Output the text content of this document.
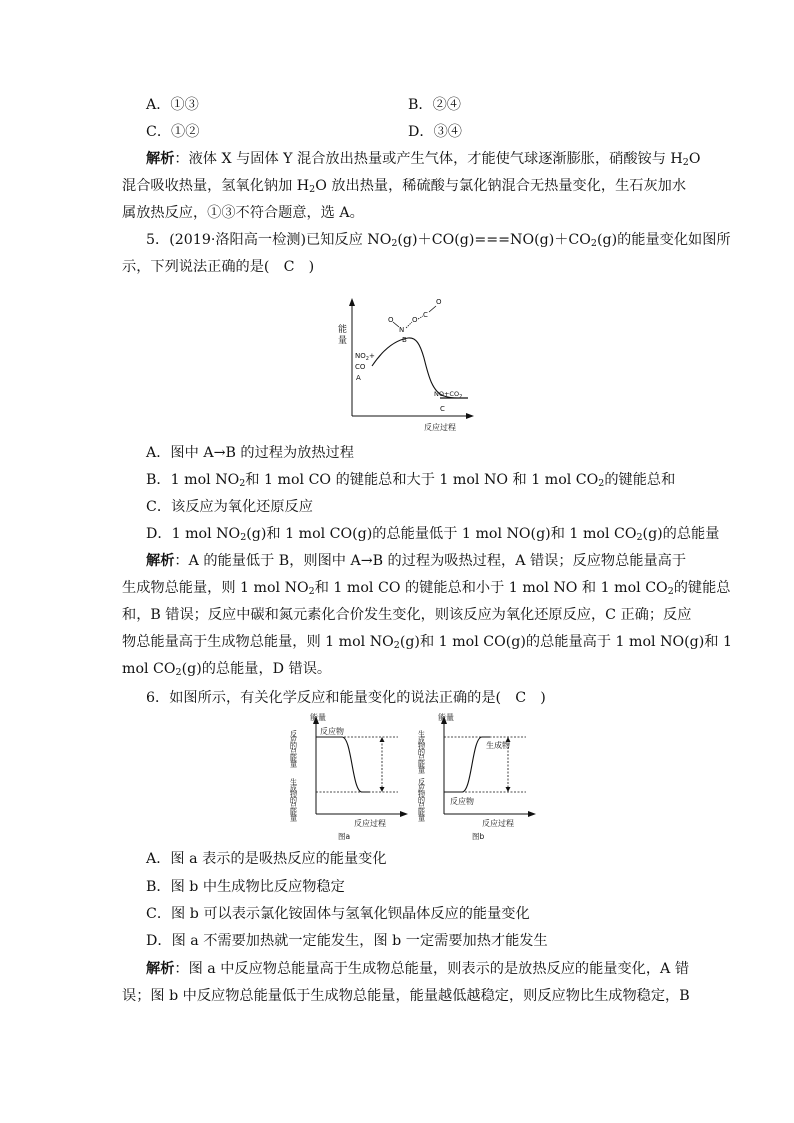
A．①③	B．②④
C．①②	D．③④
解析：液体 X 与固体 Y 混合放出热量或产生气体，才能使气球逐渐膨胀，硝酸铵与 $H_2O$
混合吸收热量，氢氧化钠加 $H_2O$ 放出热量，稀硫酸与氯化钠混合无热量变化，生石灰加水
属放热反应，①③不符合题意，选 A。
5．(2019·洛阳高一检测)已知反应 $NO_2(g)+CO(g)===NO(g)+CO_2(g)$的能量变化如图所
示，下列说法正确的是(　C　)
能
量
$NO_2+$
CO
A
B
$NO+CO_2$
C
反应过程
O
N
O
C
O
A．图中 A→B 的过程为放热过程
B．1 mol $NO_2$和 1 mol CO 的键能总和大于 1 mol NO 和 1 mol $CO_2$的键能总和
C．该反应为氧化还原反应
D．1 mol $NO_2(g)$和 1 mol CO(g)的总能量低于 1 mol NO(g)和 1 mol $CO_2(g)$的总能量
解析：A 的能量低于 B，则图中 A→B 的过程为吸热过程，A 错误；反应物总能量高于
生成物总能量，则 1 mol $NO_2$和 1 mol CO 的键能总和小于 1 mol NO 和 1 mol $CO_2$的键能总
和，B 错误；反应中碳和氮元素化合价发生变化，则该反应为氧化还原反应，C 正确；反应
物总能量高于生成物总能量，则 1 mol $NO_2(g)$和 1 mol CO(g)的总能量高于 1 mol NO(g)和 1
mol $CO_2(g)$的总能量，D 错误。
6．如图所示，有关化学反应和能量变化的说法正确的是(　C　)
能量
反应的总能量
生成物的总能量
反应物
反应过程
图a
能量
生成物的总能量
反应物的总能量
生成物
反应物
反应过程
图b
A．图 a 表示的是吸热反应的能量变化
B．图 b 中生成物比反应物稳定
C．图 b 可以表示氯化铵固体与氢氧化钡晶体反应的能量变化
D．图 a 不需要加热就一定能发生，图 b 一定需要加热才能发生
解析：图 a 中反应物总能量高于生成物总能量，则表示的是放热反应的能量变化，A 错
误；图 b 中反应物总能量低于生成物总能量，能量越低越稳定，则反应物比生成物稳定，B
